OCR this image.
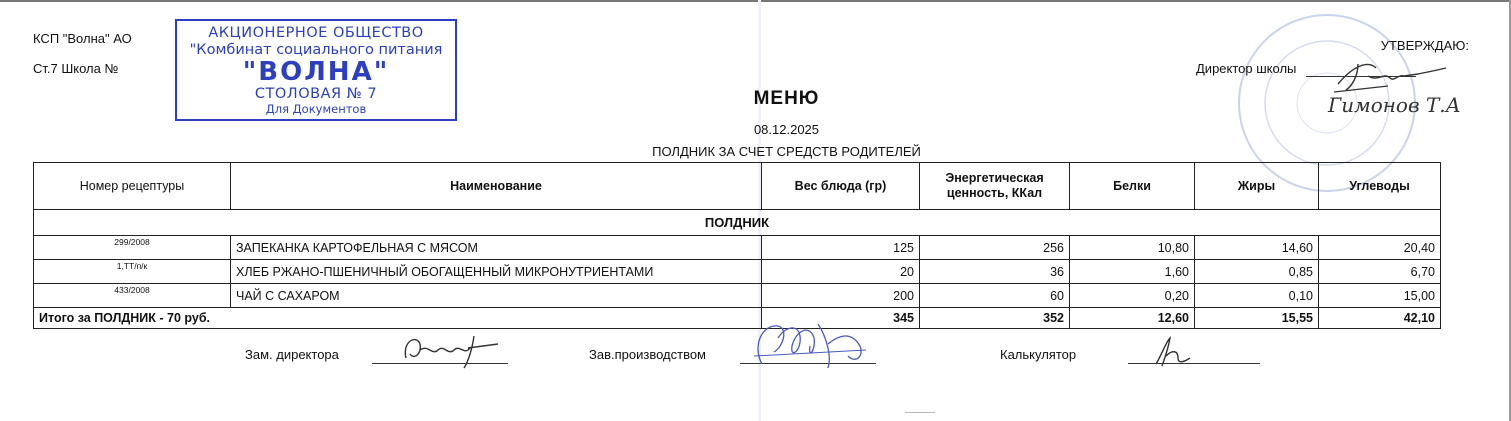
КСП "Волна" АО
Ст.7 Школа №
АКЦИОНЕРНОЕ ОБЩЕСТВО
"Комбинат социального питания
"ВОЛНА"
СТОЛОВАЯ № 7
Для Документов	МЕНЮ
08.12.2025
ПОЛДНИК ЗА СЧЕТ СРЕДСТВ РОДИТЕЛЕЙ
УТВЕРЖДАЮ:
Директор школы
Гимонов Т.А
Номер рецептуры	Наименование	Вес блюда (гр)	Энергетическая ценность, ККал	Белки	Жиры	Углеводы
ПОЛДНИК						
299/2008	ЗАПЕКАНКА КАРТОФЕЛЬНАЯ С МЯСОМ	125	256	10,80	14,60	20,40
1,ТТ/п/к	ХЛЕБ РЖАНО-ПШЕНИЧНЫЙ ОБОГАЩЕННЫЙ МИКРОНУТРИЕНТАМИ	20	36	1,60	0,85	6,70
433/2008	ЧАЙ С САХАРОМ	200	60	0,20	0,10	15,00
Итого за ПОЛДНИК - 70 руб.		345	352	12,60	15,55	42,10
Зам. директора	Зав.производством	Калькулятор
